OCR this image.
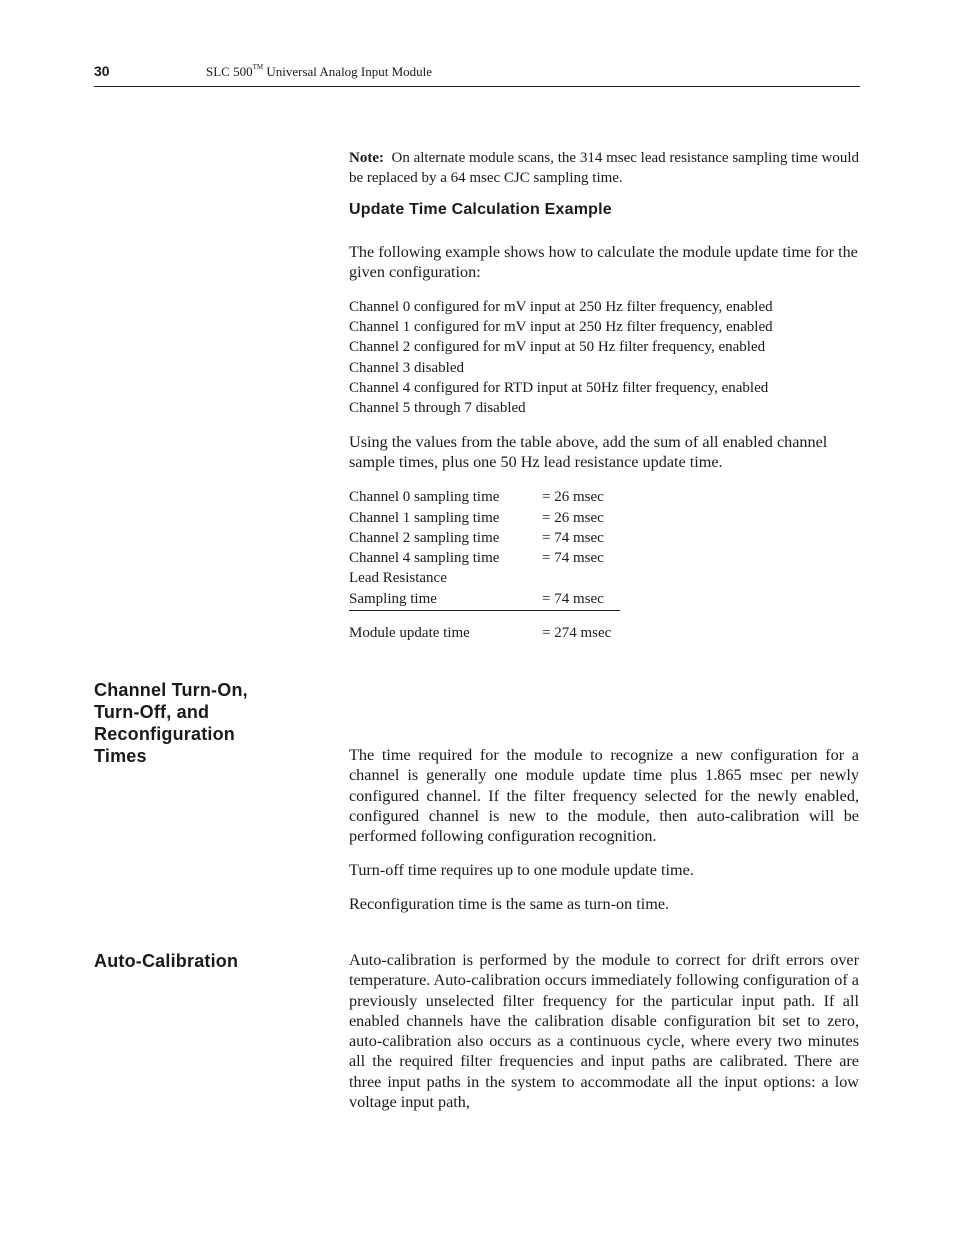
30	SLC 500™ Universal Analog Input Module
Note: On alternate module scans, the 314 msec lead resistance sampling time would be replaced by a 64 msec CJC sampling time.
Update Time Calculation Example

The following example shows how to calculate the module update time for the given configuration:

Channel 0 configured for mV input at 250 Hz filter frequency, enabled
Channel 1 configured for mV input at 250 Hz filter frequency, enabled
Channel 2 configured for mV input at 50 Hz filter frequency, enabled
Channel 3 disabled
Channel 4 configured for RTD input at 50Hz filter frequency, enabled
Channel 5 through 7 disabled

Using the values from the table above, add the sum of all enabled channel sample times, plus one 50 Hz lead resistance update time.

Channel 0 sampling time	= 26 msec
Channel 1 sampling time	= 26 msec
Channel 2 sampling time	= 74 msec
Channel 4 sampling time	= 74 msec
Lead Resistance
Sampling time	= 74 msec
Module update time	= 274 msec
Channel Turn-On,
Turn-Off, and
Reconfiguration
Times	The time required for the module to recognize a new configuration for a channel is generally one module update time plus 1.865 msec per newly configured channel. If the filter frequency selected for the newly enabled, configured channel is new to the module, then auto-calibration will be performed following configuration recognition.

Turn-off time requires up to one module update time.

Reconfiguration time is the same as turn-on time.

Auto-Calibration	Auto-calibration is performed by the module to correct for drift errors over temperature. Auto-calibration occurs immediately following configuration of a previously unselected filter frequency for the particular input path. If all enabled channels have the calibration disable configuration bit set to zero, auto-calibration also occurs as a continuous cycle, where every two minutes all the required filter frequencies and input paths are calibrated. There are three input paths in the system to accommodate all the input options: a low voltage input path,
